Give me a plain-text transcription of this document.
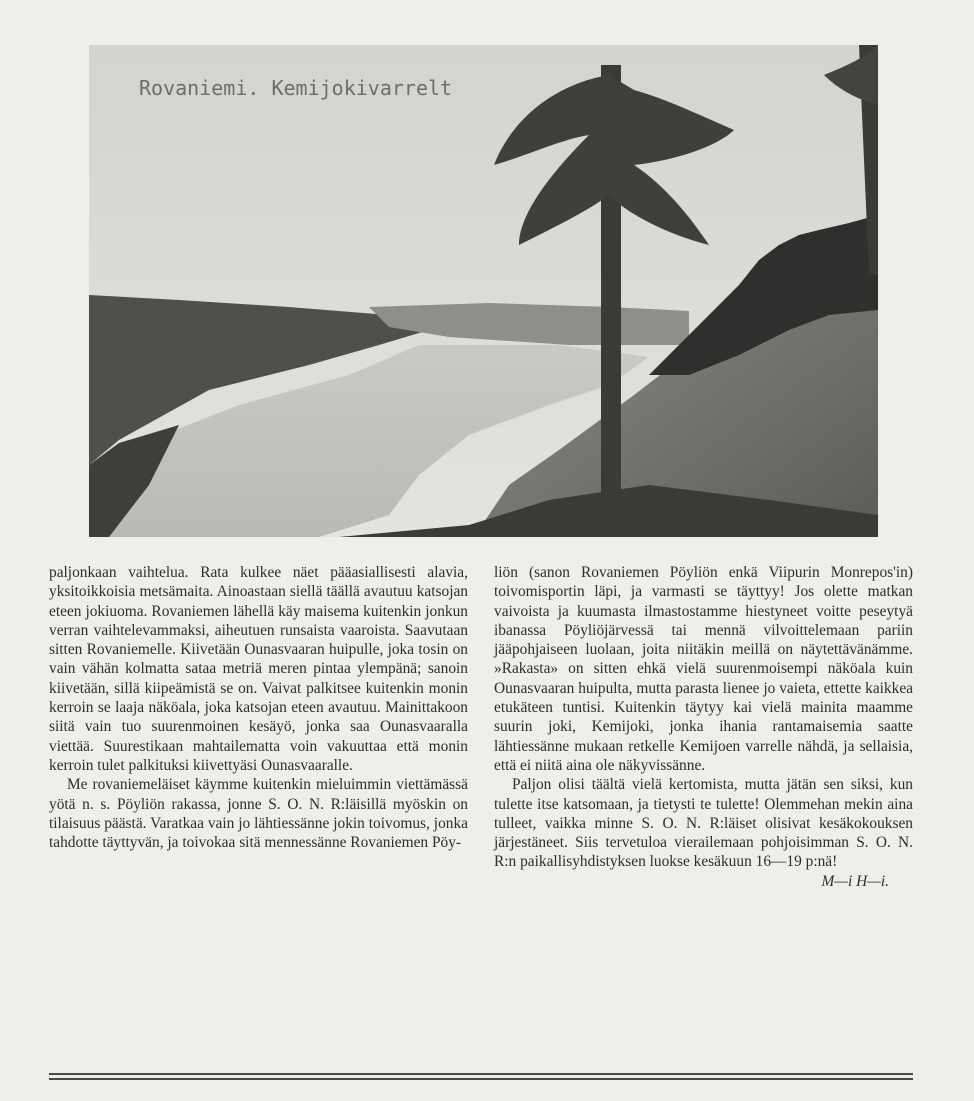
Rovaniemi. Kemijokivarrelt

paljonkaan vaihtelua. Rata kulkee näet pääasiallisesti alavia, yksitoikkoisia metsämaita. Ainoastaan siellä täällä avautuu katsojan eteen jokiuoma. Rovaniemen lähellä käy maisema kuitenkin jonkun verran vaihtelevammaksi, aiheutuen runsaista vaaroista. Saavutaan sitten Rovaniemelle. Kiivetään Ounasvaaran huipulle, joka tosin on vain vähän kolmatta sataa metriä meren pintaa ylempänä; sanoin kiivetään, sillä kiipeämistä se on. Vaivat palkitsee kuitenkin monin kerroin se laaja näköala, joka katsojan eteen avautuu. Mainittakoon siitä vain tuo suurenmoinen kesäyö, jonka saa Ounasvaaralla viettää. Suurestikaan mahtailematta voin vakuuttaa että monin kerroin tulet palkituksi kiivettyäsi Ounasvaaralle.

Me rovaniemeläiset käymme kuitenkin mieluimmin viettämässä yötä n. s. Pöyliön rakassa, jonne S. O. N. R:läisillä myöskin on tilaisuus päästä. Varatkaa vain jo lähtiessänne jokin toivomus, jonka tahdotte täyttyvän, ja toivokaa sitä mennessänne Rovaniemen Pöy-

liön (sanon Rovaniemen Pöyliön enkä Viipurin Monrepos'in) toivomisportin läpi, ja varmasti se täyttyy! Jos olette matkan vaivoista ja kuumasta ilmastostamme hiestyneet voitte peseytyä ibanassa Pöyliöjärvessä tai mennä vilvoittelemaan pariin jääpohjaiseen luolaan, joita niitäkin meillä on näytettävänämme. »Rakasta» on sitten ehkä vielä suurenmoisempi näköala kuin Ounasvaaran huipulta, mutta parasta lienee jo vaieta, ettette kaikkea etukäteen tuntisi. Kuitenkin täytyy kai vielä mainita maamme suurin joki, Kemijoki, jonka ihania rantamaisemia saatte lähtiessänne mukaan retkelle Kemijoen varrelle nähdä, ja sellaisia, että ei niitä aina ole näkyvissänne.

Paljon olisi täältä vielä kertomista, mutta jätän sen siksi, kun tulette itse katsomaan, ja tietysti te tulette! Olemmehan mekin aina tulleet, vaikka minne S. O. N. R:läiset olisivat kesäkokouksen järjestäneet. Siis tervetuloa vierailemaan pohjoisimman S. O. N. R:n paikallisyhdistyksen luokse kesäkuun 16—19 p:nä!

M—i H—i.
